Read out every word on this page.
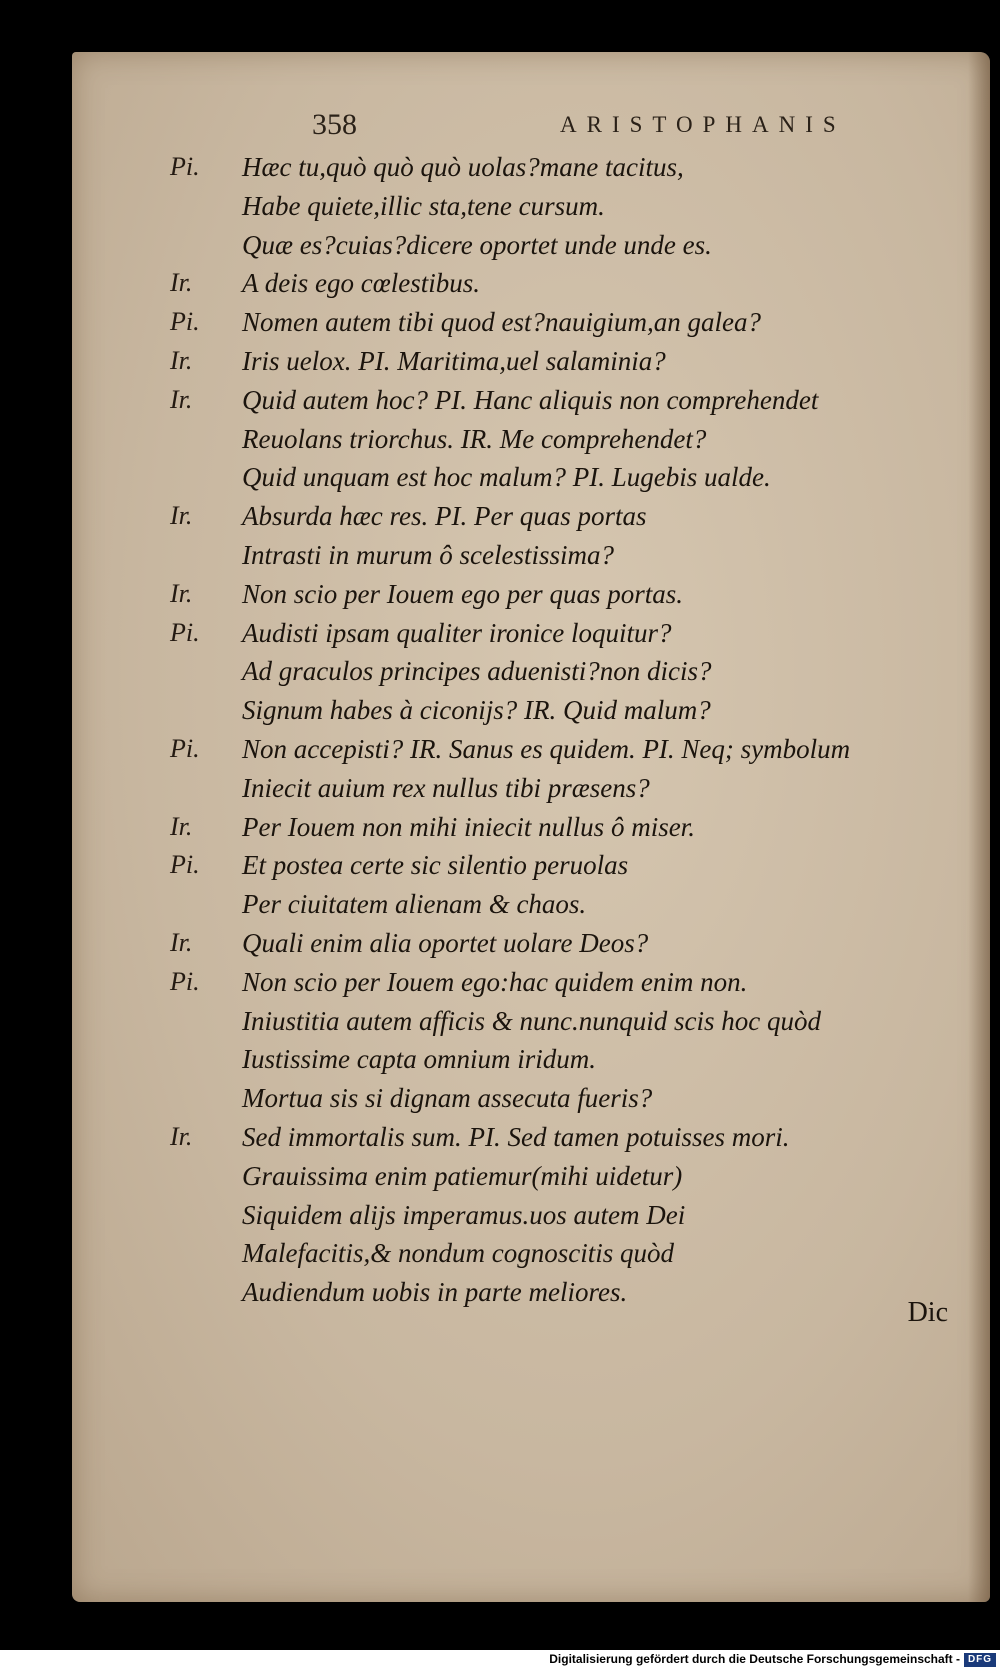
358	ARISTOPHANIS
Pi.	Hæc tu,quò quò quò uolas?mane tacitus,
Habe quiete,illic sta,tene cursum.
Quæ es?cuias?dicere oportet unde unde es.
Ir.	A deis ego cœlestibus.
Pi.	Nomen autem tibi quod est?nauigium,an galea?
Ir.	Iris uelox. PI. Maritima,uel salaminia?
Ir.	Quid autem hoc? PI. Hanc aliquis non comprehendet
Reuolans triorchus. IR. Me comprehendet?
Quid unquam est hoc malum? PI. Lugebis ualde.
Ir.	Absurda hæc res. PI. Per quas portas
Intrasti in murum ô scelestissima?
Ir.	Non scio per Iouem ego per quas portas.
Pi.	Audisti ipsam qualiter ironice loquitur?
Ad graculos principes aduenisti?non dicis?
Signum habes à ciconijs? IR. Quid malum?
Pi.	Non accepisti? IR. Sanus es quidem. PI. Neq; symbolum
Iniecit auium rex nullus tibi præsens?
Ir.	Per Iouem non mihi iniecit nullus ô miser.
Pi.	Et postea certe sic silentio peruolas
Per ciuitatem alienam & chaos.
Ir.	Quali enim alia oportet uolare Deos?
Pi.	Non scio per Iouem ego:hac quidem enim non.
Iniustitia autem afficis & nunc.nunquid scis hoc quòd
Iustissime capta omnium iridum.
Mortua sis si dignam assecuta fueris?
Ir.	Sed immortalis sum. PI. Sed tamen potuisses mori.
Grauissima enim patiemur(mihi uidetur)
Siquidem alijs imperamus.uos autem Dei
Malefacitis,& nondum cognoscitis quòd
Audiendum uobis in parte meliores.
Dic
Digitalisierung gefördert durch die Deutsche Forschungsgemeinschaft - DFG
